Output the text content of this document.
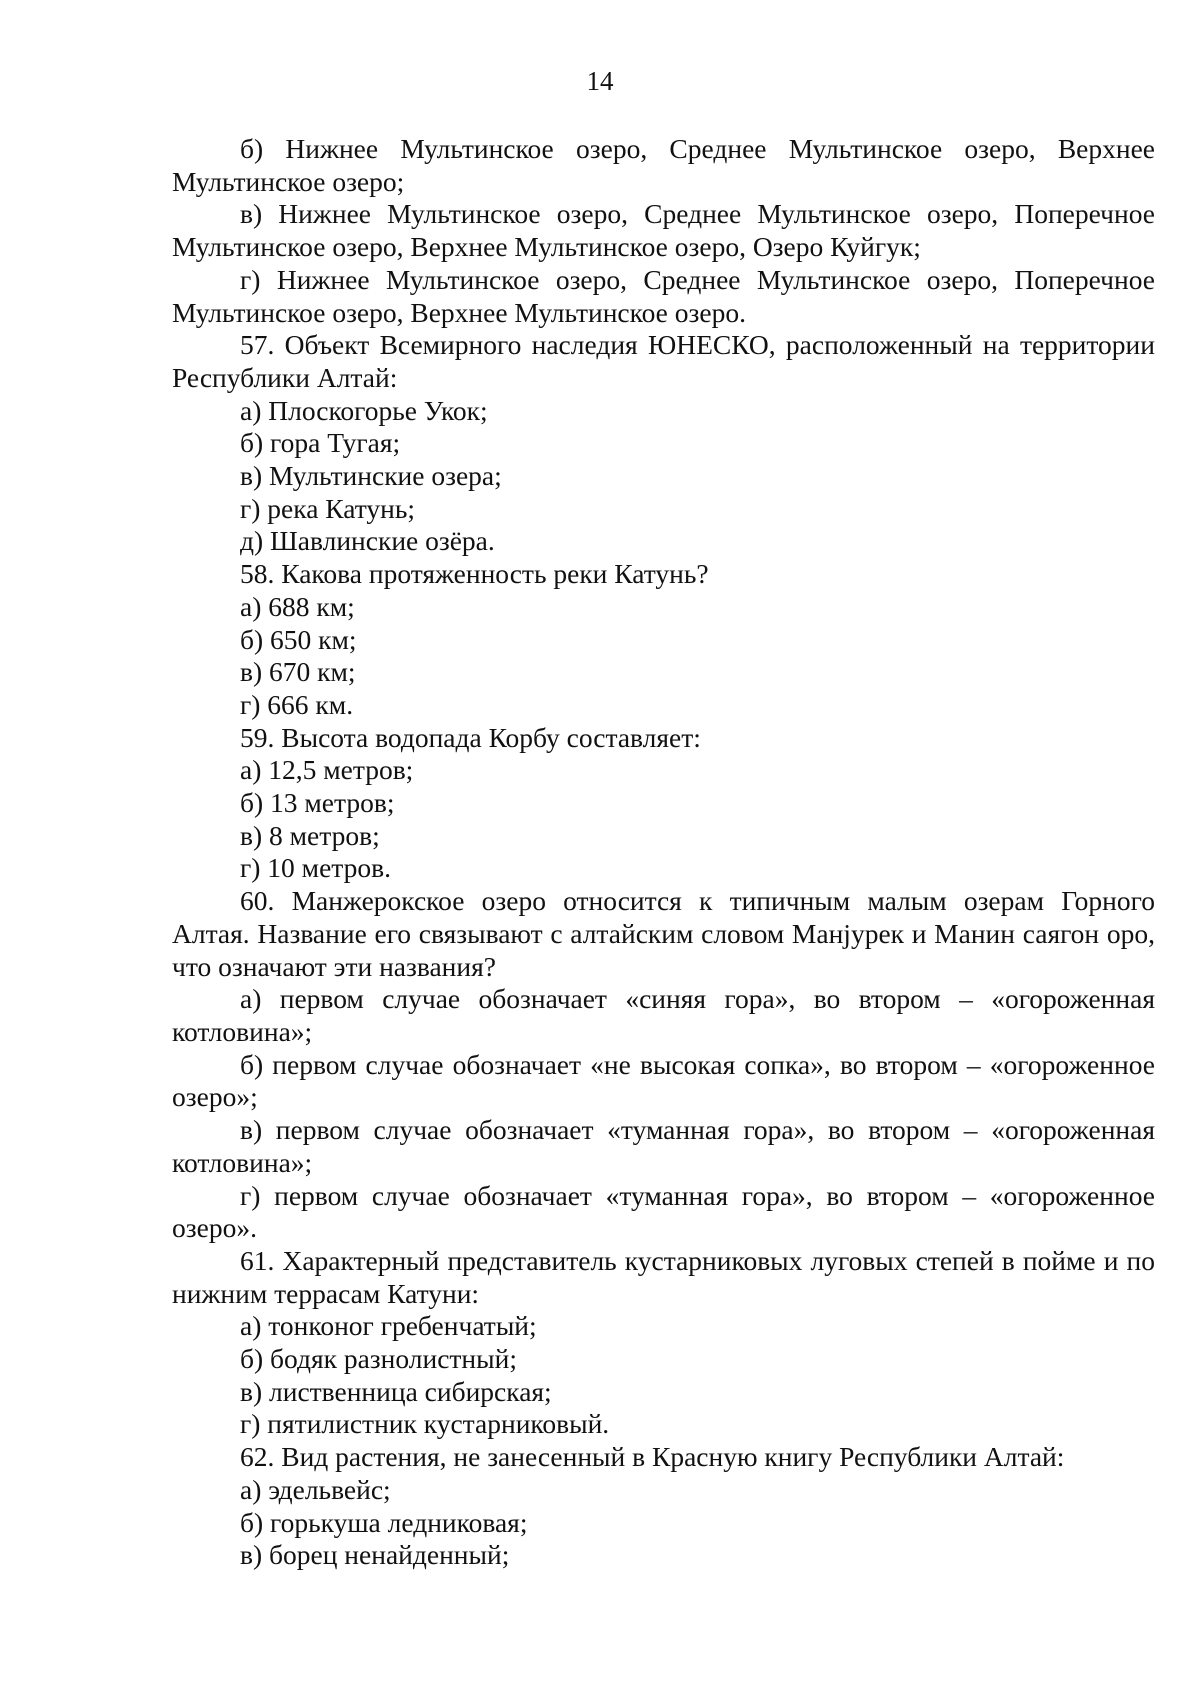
14

б) Нижнее Мультинское озеро, Среднее Мультинское озеро, Верхнее Мультинское озеро;

в) Нижнее Мультинское озеро, Среднее Мультинское озеро, Поперечное Мультинское озеро, Верхнее Мультинское озеро, Озеро Куйгук;

г) Нижнее Мультинское озеро, Среднее Мультинское озеро, Поперечное Мультинское озеро, Верхнее Мультинское озеро.

57. Объект Всемирного наследия ЮНЕСКО, расположенный на территории Республики Алтай:

а) Плоскогорье Укок;

б) гора Тугая;

в) Мультинские озера;

г) река Катунь;

д) Шавлинские озёра.

58. Какова протяженность реки Катунь?

а) 688 км;

б) 650 км;

в) 670 км;

г) 666 км.

59. Высота водопада Корбу составляет:

а) 12,5 метров;

б) 13 метров;

в) 8 метров;

г) 10 метров.

60. Манжерокское озеро относится к типичным малым озерам Горного Алтая. Название его связывают с алтайским словом Манјурек и Манин саягон оро, что означают эти названия?

а) первом случае обозначает «синяя гора», во втором – «огороженная котловина»;

б) первом случае обозначает «не высокая сопка», во втором – «огороженное озеро»;

в) первом случае обозначает «туманная гора», во втором – «огороженная котловина»;

г) первом случае обозначает «туманная гора», во втором – «огороженное озеро».

61. Характерный представитель кустарниковых луговых степей в пойме и по нижним террасам Катуни:

а) тонконог гребенчатый;

б) бодяк разнолистный;

в) лиственница сибирская;

г) пятилистник кустарниковый.

62. Вид растения, не занесенный в Красную книгу Республики Алтай:

а) эдельвейс;

б) горькуша ледниковая;

в) борец ненайденный;
